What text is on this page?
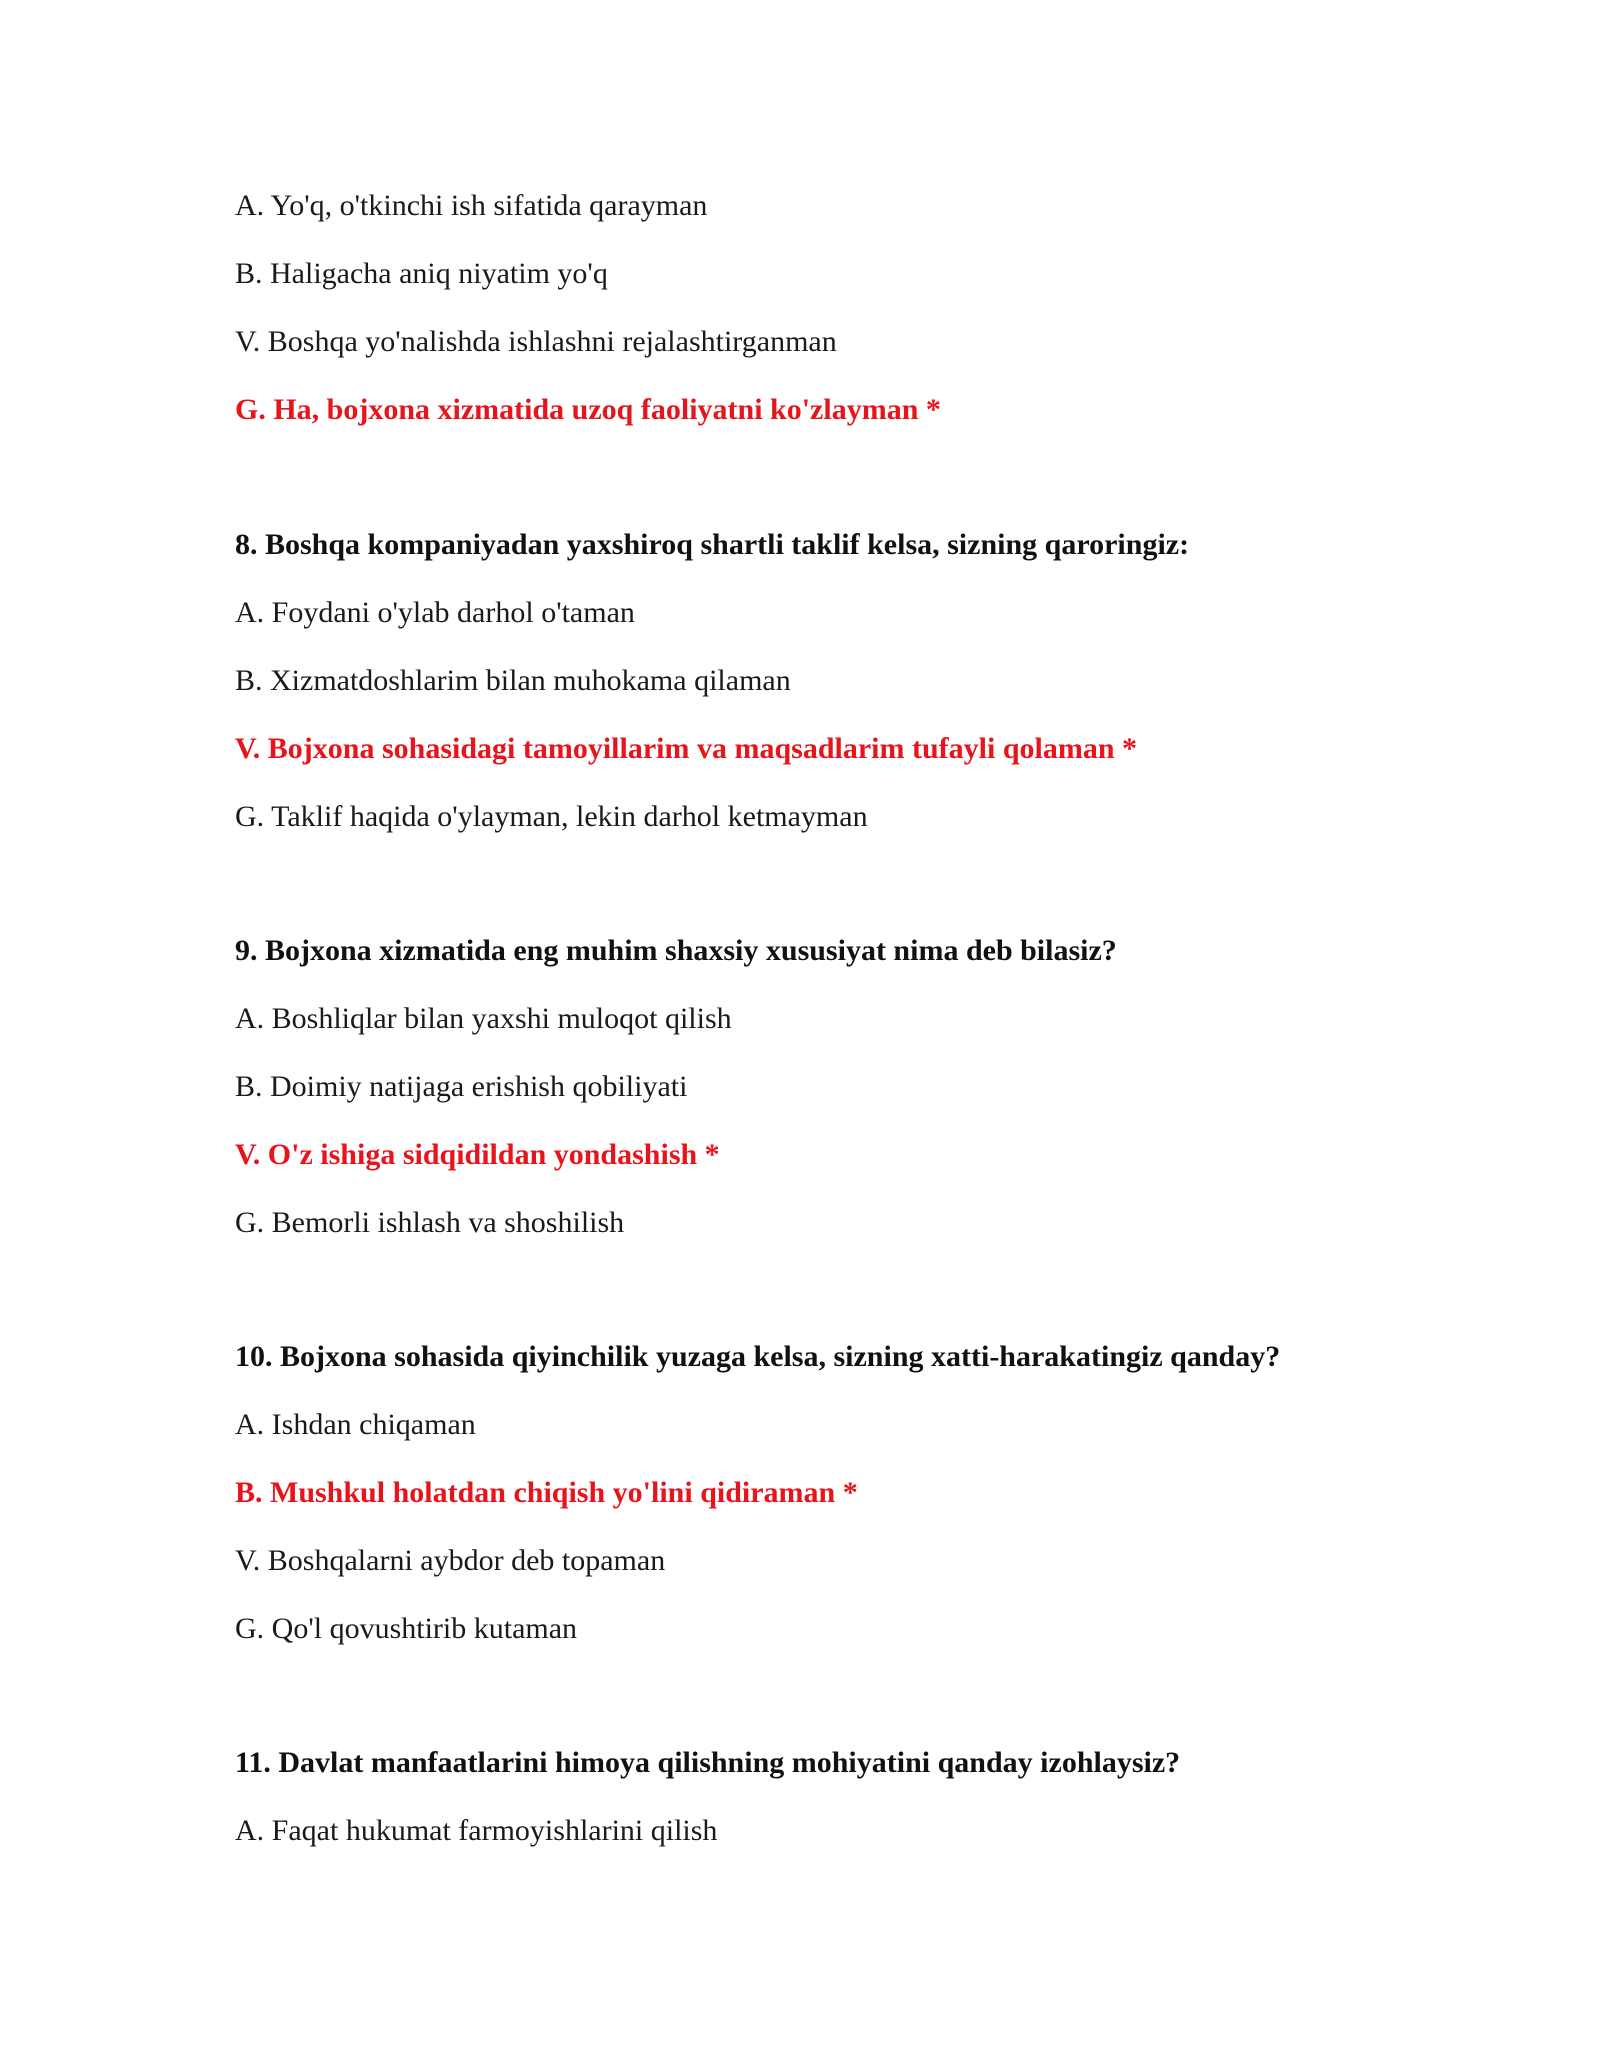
A. Yo'q, o'tkinchi ish sifatida qarayman
B. Haligacha aniq niyatim yo'q
V. Boshqa yo'nalishda ishlashni rejalashtirganman
G. Ha, bojxona xizmatida uzoq faoliyatni ko'zlayman *
8. Boshqa kompaniyadan yaxshiroq shartli taklif kelsa, sizning qaroringiz:
A. Foydani o'ylab darhol o'taman
B. Xizmatdoshlarim bilan muhokama qilaman
V. Bojxona sohasidagi tamoyillarim va maqsadlarim tufayli qolaman *
G. Taklif haqida o'ylayman, lekin darhol ketmayman
9. Bojxona xizmatida eng muhim shaxsiy xususiyat nima deb bilasiz?
A. Boshliqlar bilan yaxshi muloqot qilish
B. Doimiy natijaga erishish qobiliyati
V. O'z ishiga sidqidildan yondashish *
G. Bemorli ishlash va shoshilish
10. Bojxona sohasida qiyinchilik yuzaga kelsa, sizning xatti-harakatingiz qanday?
A. Ishdan chiqaman
B. Mushkul holatdan chiqish yo'lini qidiraman *
V. Boshqalarni aybdor deb topaman
G. Qo'l qovushtirib kutaman
11. Davlat manfaatlarini himoya qilishning mohiyatini qanday izohlaysiz?
A. Faqat hukumat farmoyishlarini qilish
